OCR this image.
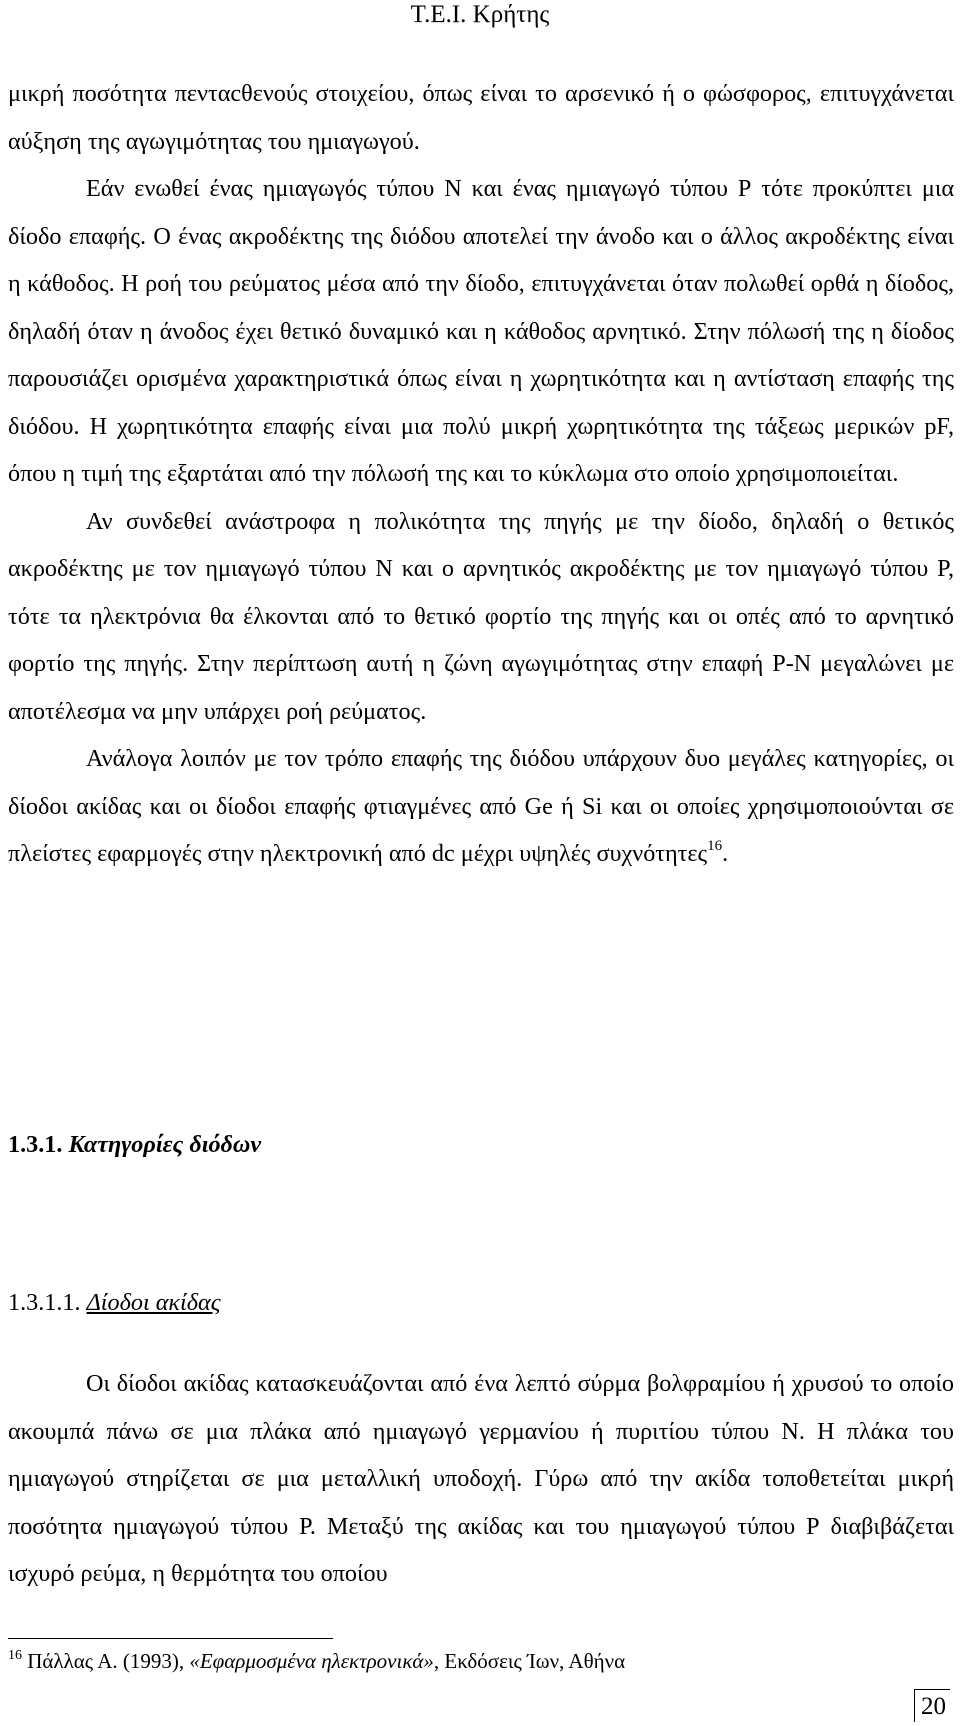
Τ.Ε.Ι. Κρήτης

μικρή ποσότητα πενταcθενούς στοιχείου, όπως είναι το αρσενικό ή ο φώσφορος, επιτυγχάνεται αύξηση της αγωγιμότητας του ημιαγωγού.

Εάν ενωθεί ένας ημιαγωγός τύπου Ν και ένας ημιαγωγό τύπου Ρ τότε προκύπτει μια δίοδο επαφής. Ο ένας ακροδέκτης της διόδου αποτελεί την άνοδο και ο άλλος ακροδέκτης είναι η κάθοδος. Η ροή του ρεύματος μέσα από την δίοδο, επιτυγχάνεται όταν πολωθεί ορθά η δίοδος, δηλαδή όταν η άνοδος έχει θετικό δυναμικό και η κάθοδος αρνητικό. Στην πόλωσή της η δίοδος παρουσιάζει ορισμένα χαρακτηριστικά όπως είναι η χωρητικότητα και η αντίσταση επαφής της διόδου. Η χωρητικότητα επαφής είναι μια πολύ μικρή χωρητικότητα της τάξεως μερικών pF, όπου η τιμή της εξαρτάται από την πόλωσή της και το κύκλωμα στο οποίο χρησιμοποιείται.

Αν συνδεθεί ανάστροφα η πολικότητα της πηγής με την δίοδο, δηλαδή ο θετικός ακροδέκτης με τον ημιαγωγό τύπου Ν και ο αρνητικός ακροδέκτης με τον ημιαγωγό τύπου Ρ, τότε τα ηλεκτρόνια θα έλκονται από το θετικό φορτίο της πηγής και οι οπές από το αρνητικό φορτίο της πηγής. Στην περίπτωση αυτή η ζώνη αγωγιμότητας στην επαφή Ρ-Ν μεγαλώνει με αποτέλεσμα να μην υπάρχει ροή ρεύματος.

Ανάλογα λοιπόν με τον τρόπο επαφής της διόδου υπάρχουν δυο μεγάλες κατηγορίες, οι δίοδοι ακίδας και οι δίοδοι επαφής φτιαγμένες από Ge ή Si και οι οποίες χρησιμοποιούνται σε πλείστες εφαρμογές στην ηλεκτρονική από dc μέχρι υψηλές συχνότητες$^{16}$.

1.3.1. Κατηγορίες διόδων
1.3.1.1. Δίοδοι ακίδας

Οι δίοδοι ακίδας κατασκευάζονται από ένα λεπτό σύρμα βολφραμίου ή χρυσού το οποίο ακουμπά πάνω σε μια πλάκα από ημιαγωγό γερμανίου ή πυριτίου τύπου Ν. Η πλάκα του ημιαγωγού στηρίζεται σε μια μεταλλική υποδοχή. Γύρω από την ακίδα τοποθετείται μικρή ποσότητα ημιαγωγού τύπου Ρ. Μεταξύ της ακίδας και του ημιαγωγού τύπου Ρ διαβιβάζεται ισχυρό ρεύμα, η θερμότητα του οποίου

$^{16}$ Πάλλας Α. (1993), «Εφαρμοσμένα ηλεκτρονικά», Εκδόσεις Ίων, Αθήνα
20
